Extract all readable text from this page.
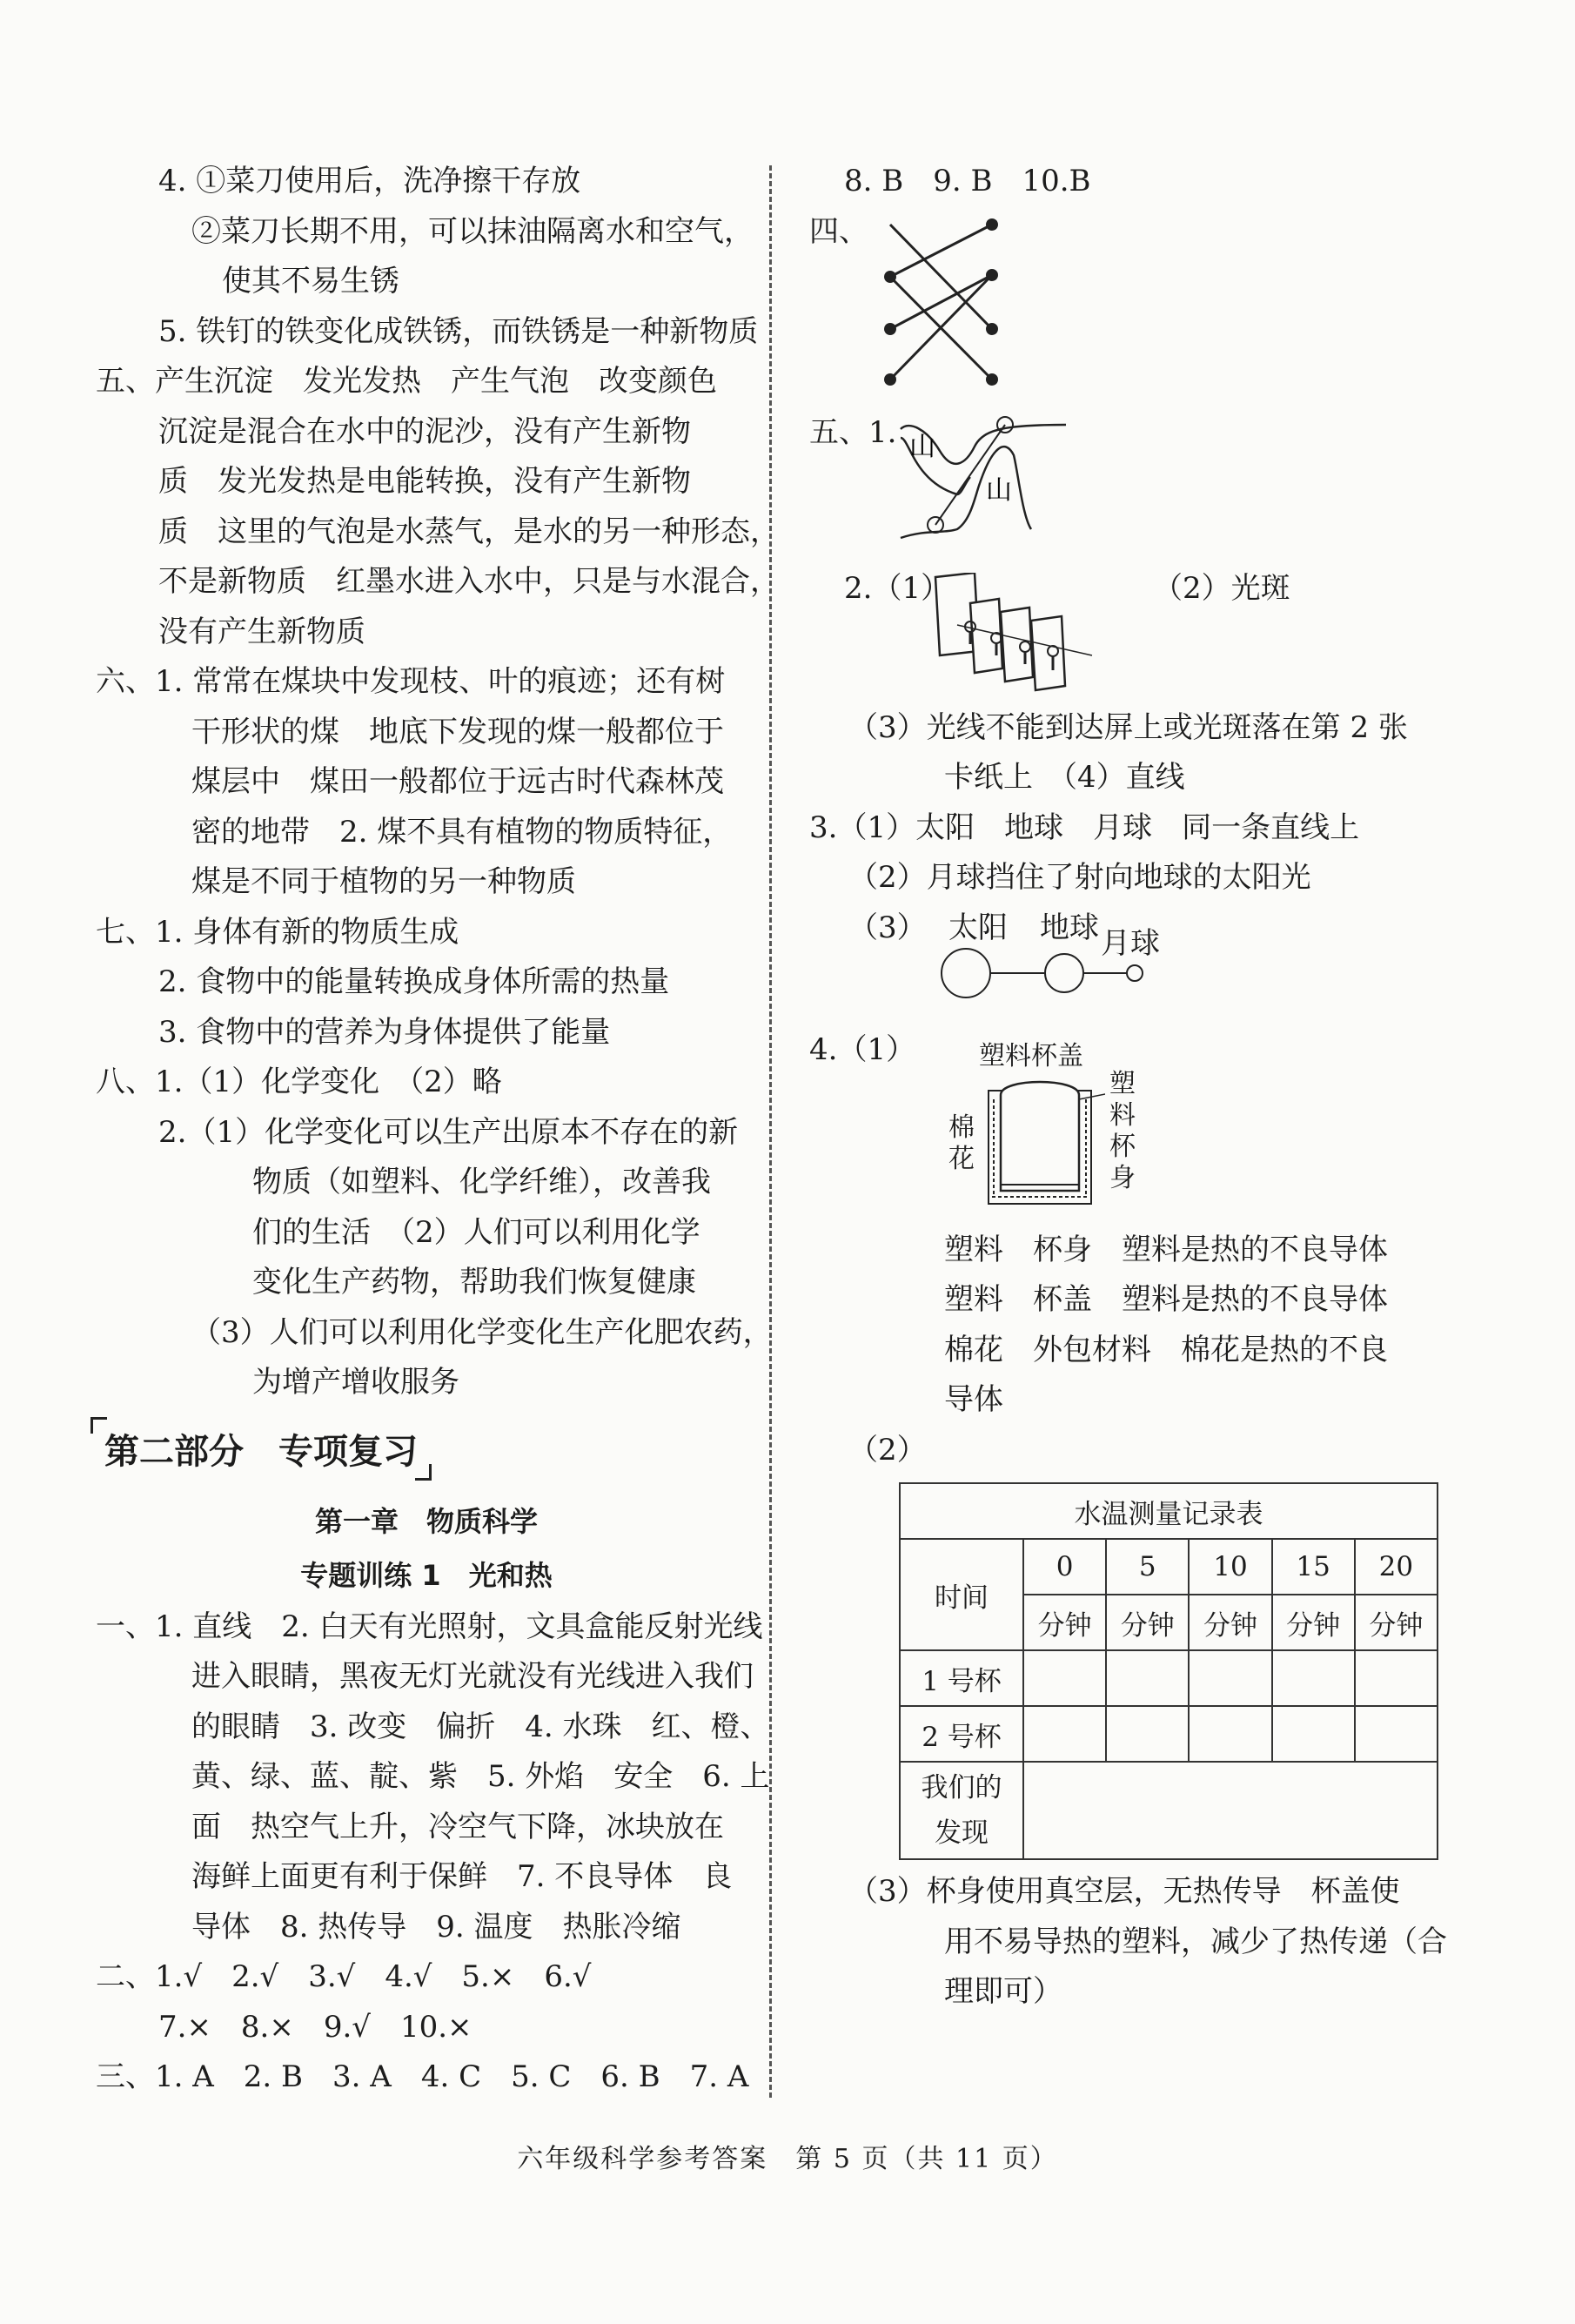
4. ①菜刀使用后，洗净擦干存放
②菜刀长期不用，可以抹油隔离水和空气，
使其不易生锈
5. 铁钉的铁变化成铁锈，而铁锈是一种新物质
五、产生沉淀　发光发热　产生气泡　改变颜色
沉淀是混合在水中的泥沙，没有产生新物
质　发光发热是电能转换，没有产生新物
质　这里的气泡是水蒸气，是水的另一种形态，
不是新物质　红墨水进入水中，只是与水混合，
没有产生新物质
六、1. 常常在煤块中发现枝、叶的痕迹；还有树
干形状的煤　地底下发现的煤一般都位于
煤层中　煤田一般都位于远古时代森林茂
密的地带　2. 煤不具有植物的物质特征，
煤是不同于植物的另一种物质
七、1. 身体有新的物质生成
2. 食物中的能量转换成身体所需的热量
3. 食物中的营养为身体提供了能量
八、1.（1）化学变化　（2）略
2.（1）化学变化可以生产出原本不存在的新
物质（如塑料、化学纤维），改善我
们的生活　（2）人们可以利用化学
变化生产药物，帮助我们恢复健康
（3）人们可以利用化学变化生产化肥农药，
为增产增收服务
第二部分　专项复习
第一章　物质科学
专题训练 1　光和热
一、1. 直线　2. 白天有光照射，文具盒能反射光线
进入眼睛，黑夜无灯光就没有光线进入我们
的眼睛　3. 改变　偏折　4. 水珠　红、橙、
黄、绿、蓝、靛、紫　5. 外焰　安全　6. 上
面　热空气上升，冷空气下降，冰块放在
海鲜上面更有利于保鲜　7. 不良导体　良
导体　8. 热传导　9. 温度　热胀冷缩
二、1.√　2.√　3.√　4.√　5.×　6.√
7.×　8.×　9.√　10.×
三、1. A　2. B　3. A　4. C　5. C　6. B　7. A
8. B　9. B　10.B
四、
五、1. 山
山
2.（1）	（2）光斑
（3）光线不能到达屏上或光斑落在第 2 张
卡纸上　（4）直线
3.（1）太阳　地球　月球　同一条直线上
（2）月球挡住了射向地球的太阳光
（3） 太阳 地球 月球
4.（1） 塑料杯盖
塑料杯身
棉花
塑料　杯身　塑料是热的不良导体
塑料　杯盖　塑料是热的不良导体
棉花　外包材料　棉花是热的不良
导体
（2）
水温测量记录表					
时间	0	5	10	15	20
	分钟	分钟	分钟	分钟	分钟
1 号杯					
2 号杯					

我们的
发现					

（3）杯身使用真空层，无热传导　杯盖使
用不易导热的塑料，减少了热传递（合
理即可）
六年级科学参考答案　第 5 页（共 11 页）
